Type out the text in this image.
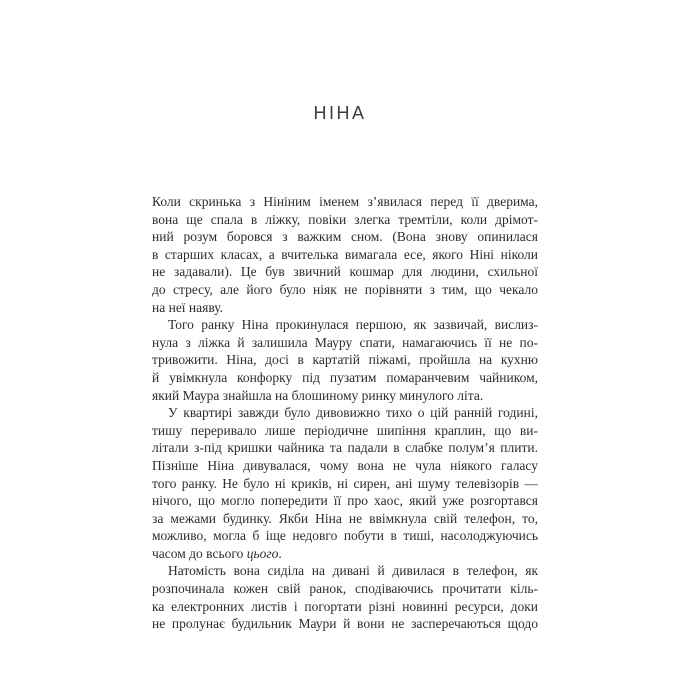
НІНА
Коли скринька з Нініним іменем з’явилася перед її дверима,
вона ще спала в ліжку, повіки злегка тремтіли, коли дрімот-
ний розум боровся з важким сном. (Вона знову опинилася
в старших класах, а вчителька вимагала есе, якого Ніні ніколи
не задавали). Це був звичний кошмар для людини, схильної
до стресу, але його було ніяк не порівняти з тим, що чекало
на неї наяву.
Того ранку Ніна прокинулася першою, як зазвичай, вислиз-
нула з ліжка й залишила Мауру спати, намагаючись її не по-
тривожити. Ніна, досі в картатій піжамі, пройшла на кухню
й увімкнула конфорку під пузатим помаранчевим чайником,
який Маура знайшла на блошиному ринку минулого літа.
У квартирі завжди було дивовижно тихо о цій ранній годині,
тишу переривало лише періодичне шипіння краплин, що ви-
літали з-під кришки чайника та падали в слабке полум’я плити.
Пізніше Ніна дивувалася, чому вона не чула ніякого галасу
того ранку. Не було ні криків, ні сирен, ані шуму телевізорів —
нічого, що могло попередити її про хаос, який уже розгортався
за межами будинку. Якби Ніна не ввімкнула свій телефон, то,
можливо, могла б іще недовго побути в тиші, насолоджуючись
часом до всього цього.
Натомість вона сиділа на дивані й дивилася в телефон, як
розпочинала кожен свій ранок, сподіваючись прочитати кіль-
ка електронних листів і погортати різні новинні ресурси, доки
не пролунає будильник Маури й вони не засперечаються щодо
